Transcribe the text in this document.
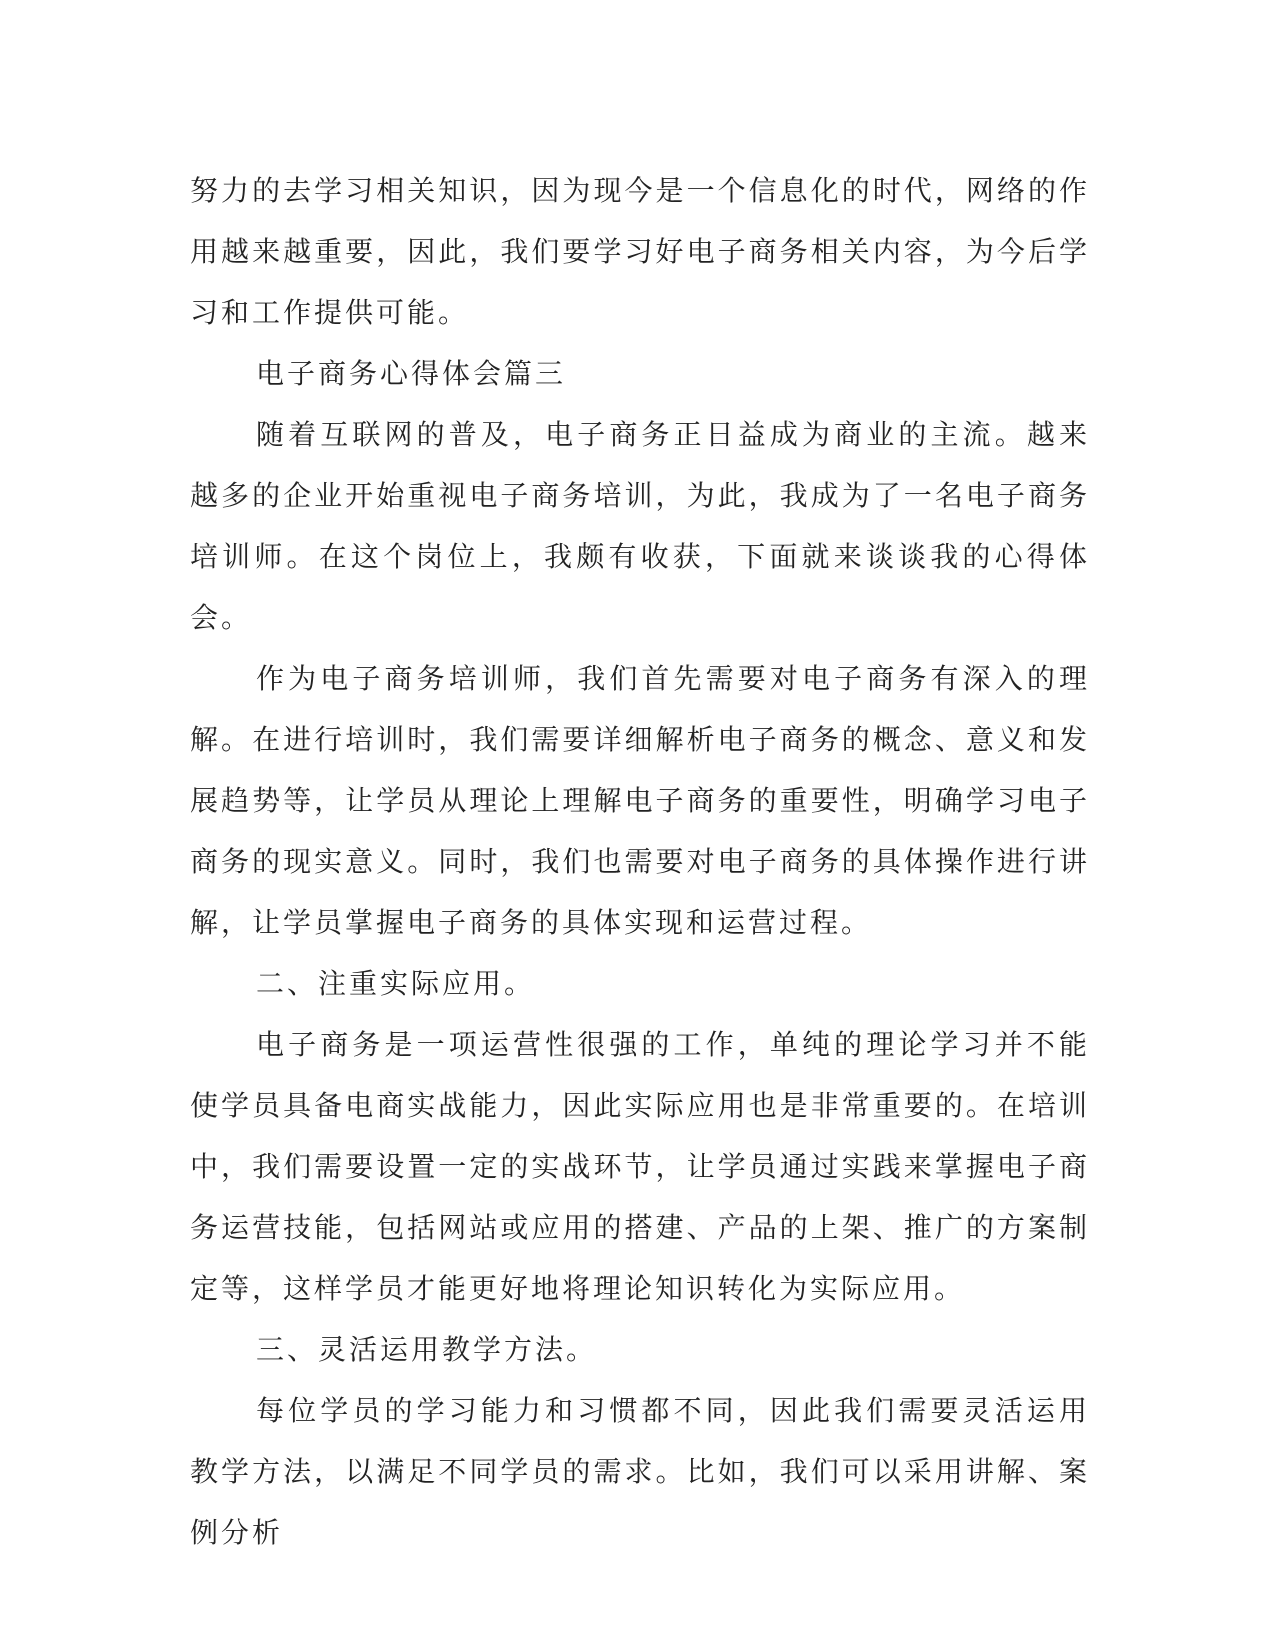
努力的去学习相关知识，因为现今是一个信息化的时代，网络的作用越来越重要，因此，我们要学习好电子商务相关内容，为今后学习和工作提供可能。

电子商务心得体会篇三

随着互联网的普及，电子商务正日益成为商业的主流。越来越多的企业开始重视电子商务培训，为此，我成为了一名电子商务培训师。在这个岗位上，我颇有收获，下面就来谈谈我的心得体会。

作为电子商务培训师，我们首先需要对电子商务有深入的理解。在进行培训时，我们需要详细解析电子商务的概念、意义和发展趋势等，让学员从理论上理解电子商务的重要性，明确学习电子商务的现实意义。同时，我们也需要对电子商务的具体操作进行讲解，让学员掌握电子商务的具体实现和运营过程。

二、注重实际应用。

电子商务是一项运营性很强的工作，单纯的理论学习并不能使学员具备电商实战能力，因此实际应用也是非常重要的。在培训中，我们需要设置一定的实战环节，让学员通过实践来掌握电子商务运营技能，包括网站或应用的搭建、产品的上架、推广的方案制定等，这样学员才能更好地将理论知识转化为实际应用。

三、灵活运用教学方法。

每位学员的学习能力和习惯都不同，因此我们需要灵活运用教学方法，以满足不同学员的需求。比如，我们可以采用讲解、案例分析
